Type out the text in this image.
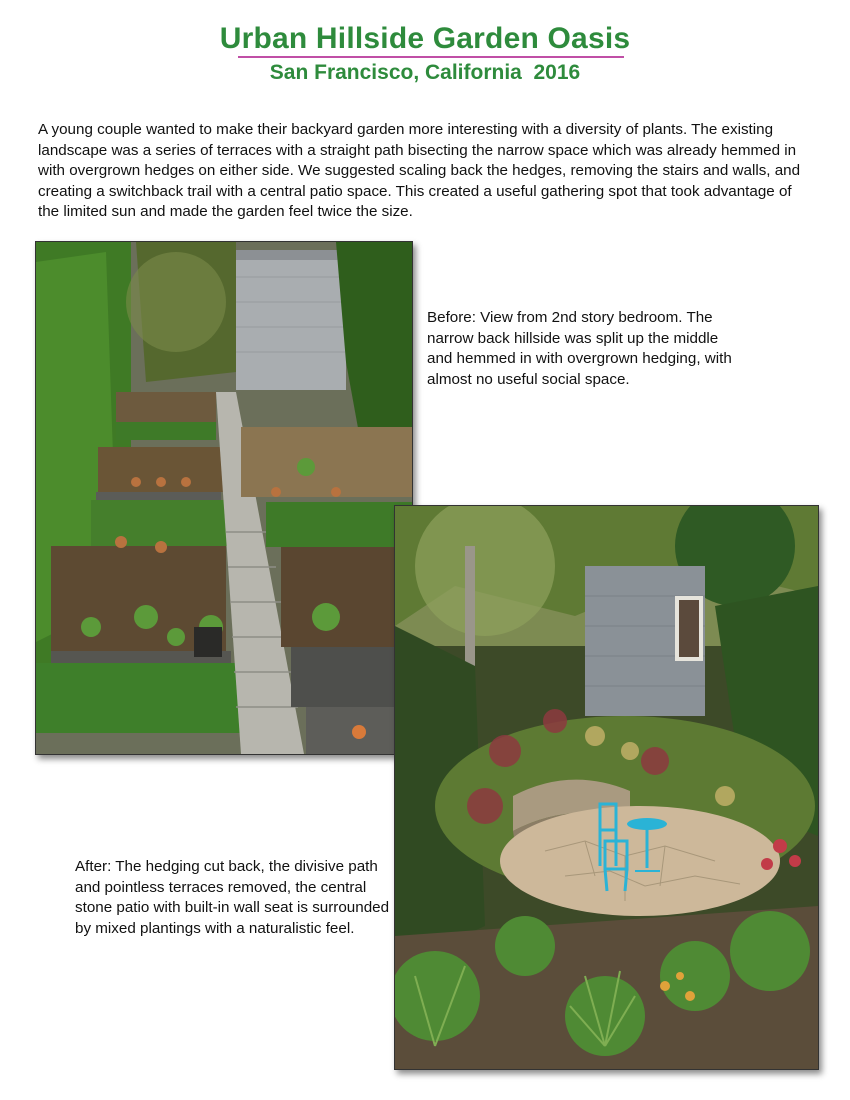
Urban Hillside Garden Oasis
San Francisco, California  2016

A young couple wanted to make their backyard garden more interesting with a diversity of plants. The existing landscape was a series of terraces with a straight path bisecting the narrow space which was already hemmed in with overgrown hedges on either side. We suggested scaling back the hedges, removing the stairs and walls, and creating a switchback trail with a central patio space. This created a useful gathering spot that took advantage of the limited sun and made the garden feel twice the size.

Before: View from 2nd story bedroom. The narrow back hillside was split up the middle and hemmed in with overgrown hedging, with almost no useful social space.

After: The hedging cut back, the divisive path and pointless terraces removed, the central stone patio with built-in wall seat is surrounded by mixed plantings with a naturalistic feel.
